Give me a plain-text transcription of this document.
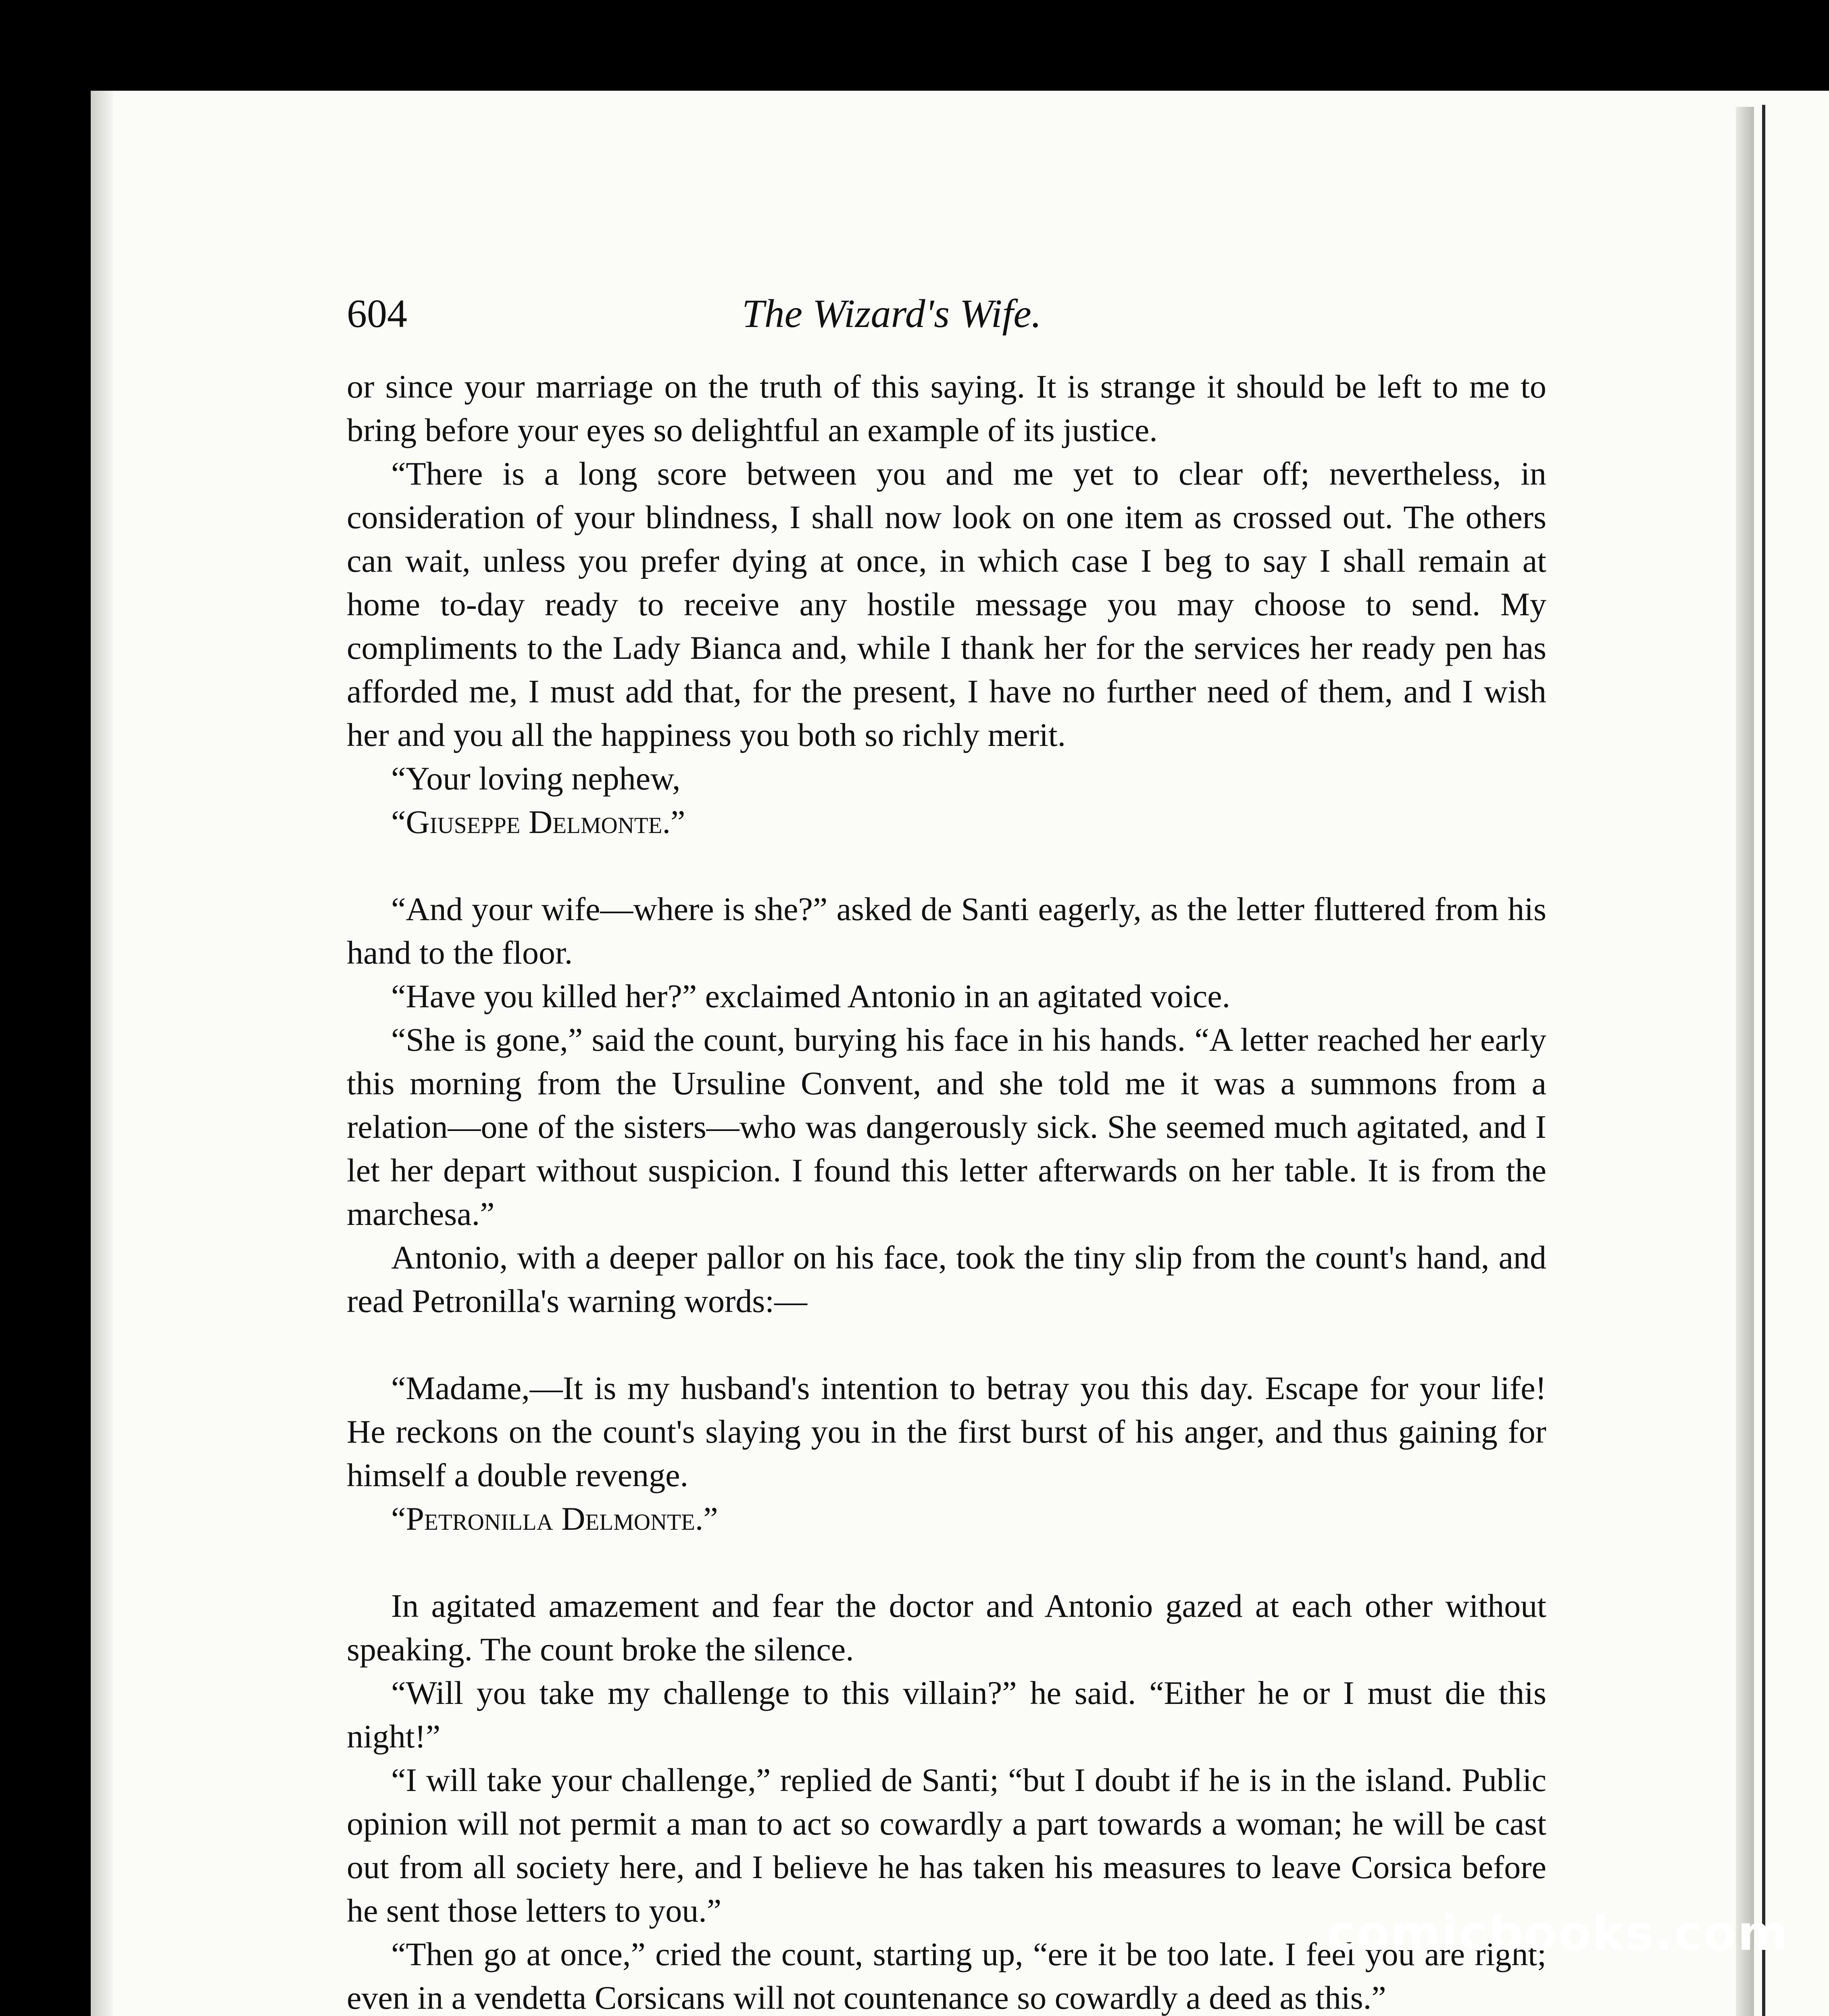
604	The Wizard's Wife.

or since your marriage on the truth of this saying. It is strange it should be left to me to bring before your eyes so delightful an example of its justice.

“There is a long score between you and me yet to clear off; nevertheless, in consideration of your blindness, I shall now look on one item as crossed out. The others can wait, unless you prefer dying at once, in which case I beg to say I shall remain at home to-day ready to receive any hostile message you may choose to send. My compliments to the Lady Bianca and, while I thank her for the services her ready pen has afforded me, I must add that, for the present, I have no further need of them, and I wish her and you all the happiness you both so richly merit.

“Your loving nephew,

“Giuseppe Delmonte.”

“And your wife—where is she?” asked de Santi eagerly, as the letter fluttered from his hand to the floor.

“Have you killed her?” exclaimed Antonio in an agitated voice.

“She is gone,” said the count, burying his face in his hands. “A letter reached her early this morning from the Ursuline Convent, and she told me it was a summons from a relation—one of the sisters—who was dangerously sick. She seemed much agitated, and I let her depart without suspicion. I found this letter afterwards on her table. It is from the marchesa.”

Antonio, with a deeper pallor on his face, took the tiny slip from the count's hand, and read Petronilla's warning words:—

“Madame,—It is my husband's intention to betray you this day. Escape for your life! He reckons on the count's slaying you in the first burst of his anger, and thus gaining for himself a double revenge.

“Petronilla Delmonte.”

In agitated amazement and fear the doctor and Antonio gazed at each other without speaking. The count broke the silence.

“Will you take my challenge to this villain?” he said. “Either he or I must die this night!”

“I will take your challenge,” replied de Santi; “but I doubt if he is in the island. Public opinion will not permit a man to act so cowardly a part towards a woman; he will be cast out from all society here, and I believe he has taken his measures to leave Corsica before he sent those letters to you.”

“Then go at once,” cried the count, starting up, “ere it be too late. I feel you are right; even in a vendetta Corsicans will not countenance so cowardly a deed as this.”

comicbooks.com
